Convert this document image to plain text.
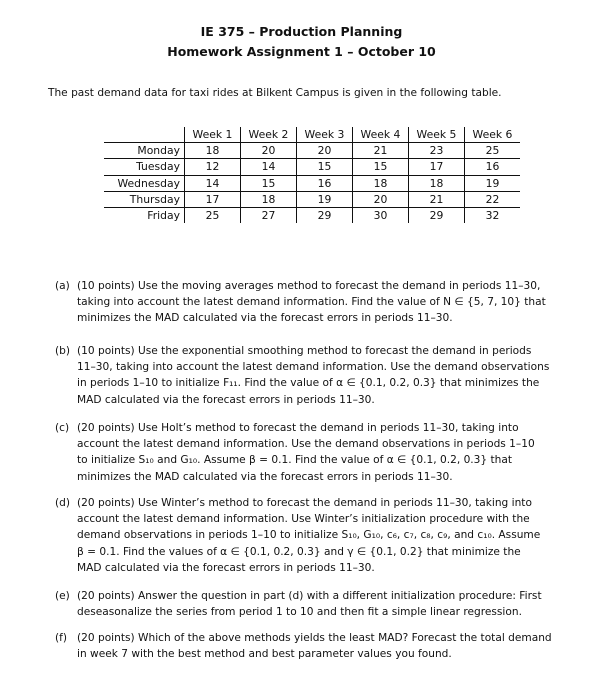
IE 375 – Production Planning
Homework Assignment 1 – October 10
The past demand data for taxi rides at Bilkent Campus is given in the following table.
	Week 1	Week 2	Week 3	Week 4	Week 5	Week 6
Monday	18	20	20	21	23	25
Tuesday	12	14	15	15	17	16
Wednesday	14	15	16	18	18	19
Thursday	17	18	19	20	21	22
Friday	25	27	29	30	29	32
(a) (10 points) Use the moving averages method to forecast the demand in periods 11–30,
taking into account the latest demand information. Find the value of N ∈ {5, 7, 10} that
minimizes the MAD calculated via the forecast errors in periods 11–30.
(b) (10 points) Use the exponential smoothing method to forecast the demand in periods
11–30, taking into account the latest demand information. Use the demand observations
in periods 1–10 to initialize F₁₁. Find the value of α ∈ {0.1, 0.2, 0.3} that minimizes the
MAD calculated via the forecast errors in periods 11–30.
(c) (20 points) Use Holt’s method to forecast the demand in periods 11–30, taking into
account the latest demand information. Use the demand observations in periods 1–10
to initialize S₁₀ and G₁₀. Assume β = 0.1. Find the value of α ∈ {0.1, 0.2, 0.3} that
minimizes the MAD calculated via the forecast errors in periods 11–30.
(d) (20 points) Use Winter’s method to forecast the demand in periods 11–30, taking into
account the latest demand information. Use Winter’s initialization procedure with the
demand observations in periods 1–10 to initialize S₁₀, G₁₀, c₆, c₇, c₈, c₉, and c₁₀. Assume
β = 0.1. Find the values of α ∈ {0.1, 0.2, 0.3} and γ ∈ {0.1, 0.2} that minimize the
MAD calculated via the forecast errors in periods 11–30.
(e) (20 points) Answer the question in part (d) with a different initialization procedure: First
deseasonalize the series from period 1 to 10 and then fit a simple linear regression.
(f) (20 points) Which of the above methods yields the least MAD? Forecast the total demand
in week 7 with the best method and best parameter values you found.
